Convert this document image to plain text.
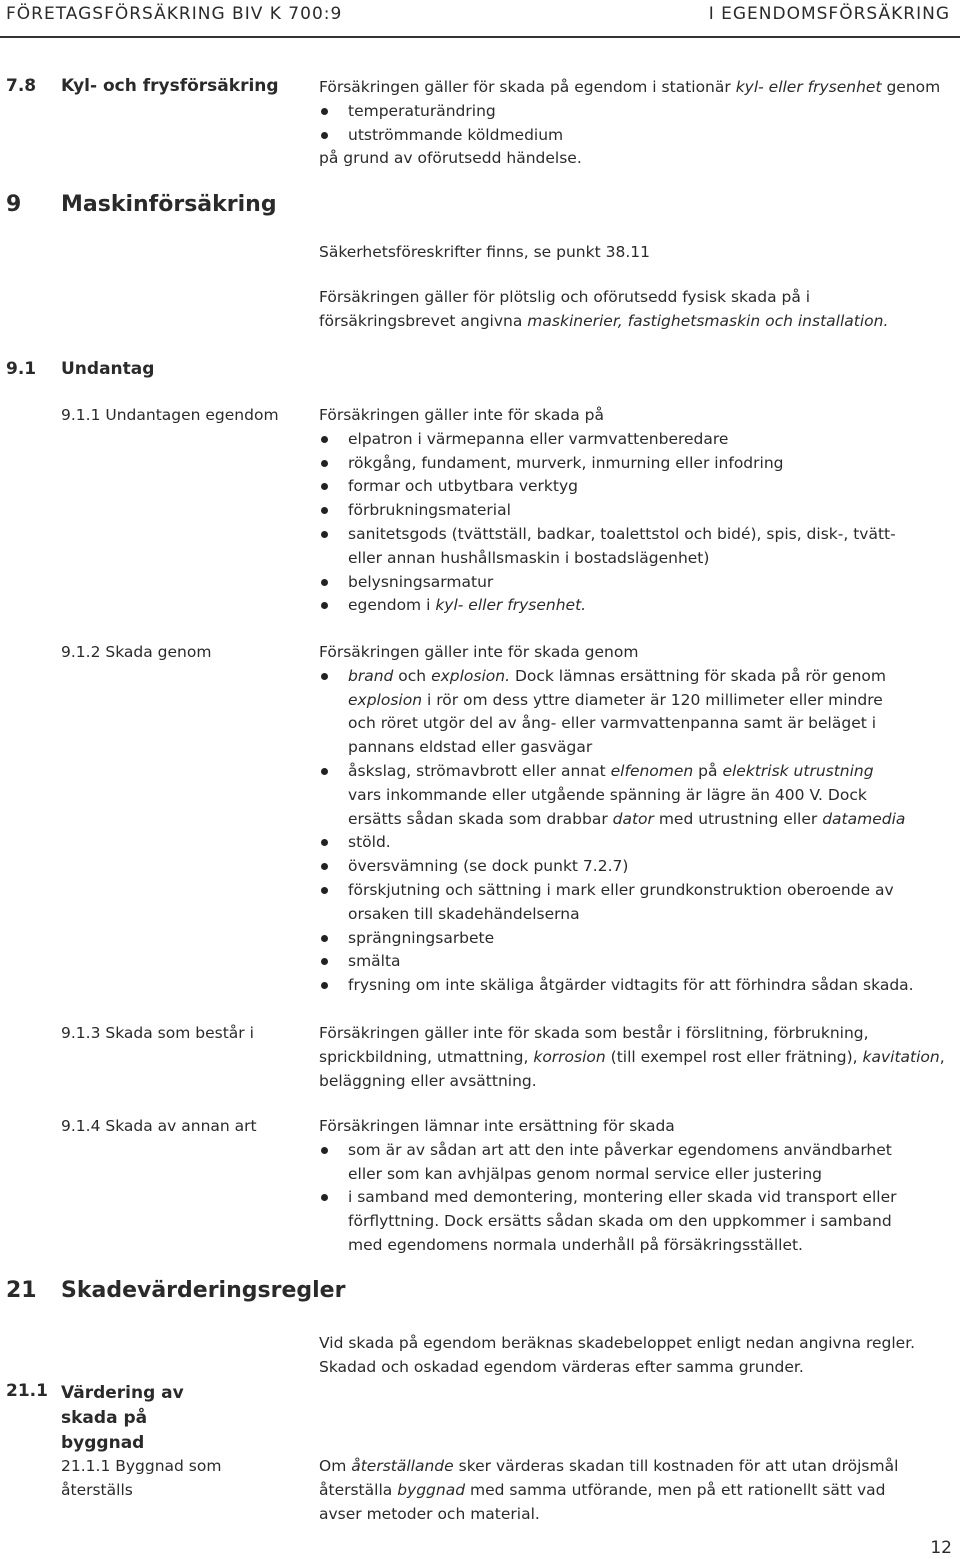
FÖRETAGSFÖRSÄKRING BIV K 700:9	I EGENDOMSFÖRSÄKRING
7.8 Kyl- och frysförsäkring	Försäkringen gäller för skada på egendom i stationär kyl- eller frysenhet genom

temperaturändring
utströmmande köldmedium

på grund av oförutsedd händelse.

9 Maskinförsäkring
Säkerhetsföreskrifter finns, se punkt 38.11

Försäkringen gäller för plötslig och oförutsedd fysisk skada på i försäkringsbrevet angivna maskinerier, fastighetsmaskin och installation.

9.1 Undantag
9.1.1 Undantagen egendom	Försäkringen gäller inte för skada på

elpatron i värmepanna eller varmvattenberedare
rökgång, fundament, murverk, inmurning eller infodring
formar och utbytbara verktyg
förbrukningsmaterial
sanitetsgods (tvättställ, badkar, toalettstol och bidé), spis, disk-, tvätt- eller annan hushållsmaskin i bostadslägenhet)
belysningsarmatur
egendom i kyl- eller frysenhet.
9.1.2 Skada genom	Försäkringen gäller inte för skada genom

brand och explosion. Dock lämnas ersättning för skada på rör genom explosion i rör om dess yttre diameter är 120 millimeter eller mindre och röret utgör del av ång- eller varmvattenpanna samt är beläget i pannans eldstad eller gasvägar
åskslag, strömavbrott eller annat elfenomen på elektrisk utrustning vars inkommande eller utgående spänning är lägre än 400 V. Dock ersätts sådan skada som drabbar dator med utrustning eller datamedia
stöld.
översvämning (se dock punkt 7.2.7)
förskjutning och sättning i mark eller grundkonstruktion oberoende av orsaken till skadehändelserna
sprängningsarbete
smälta
frysning om inte skäliga åtgärder vidtagits för att förhindra sådan skada.
9.1.3 Skada som består i	Försäkringen gäller inte för skada som består i förslitning, förbrukning, sprickbildning, utmattning, korrosion (till exempel rost eller frätning), kavitation, beläggning eller avsättning.

9.1.4 Skada av annan art	Försäkringen lämnar inte ersättning för skada

som är av sådan art att den inte påverkar egendomens användbarhet eller som kan avhjälpas genom normal service eller justering
i samband med demontering, montering eller skada vid transport eller förflyttning. Dock ersätts sådan skada om den uppkommer i samband med egendomens normala underhåll på försäkringsstället.
21 Skadevärderingsregler
Vid skada på egendom beräknas skadebeloppet enligt nedan angivna regler. Skadad och oskadad egendom värderas efter samma grunder.
21.1 Värdering av skada på byggnad
21.1.1 Byggnad som återställs

Om återställande sker värderas skadan till kostnaden för att utan dröjsmål återställa byggnad med samma utförande, men på ett rationellt sätt vad avser metoder och material.

12
